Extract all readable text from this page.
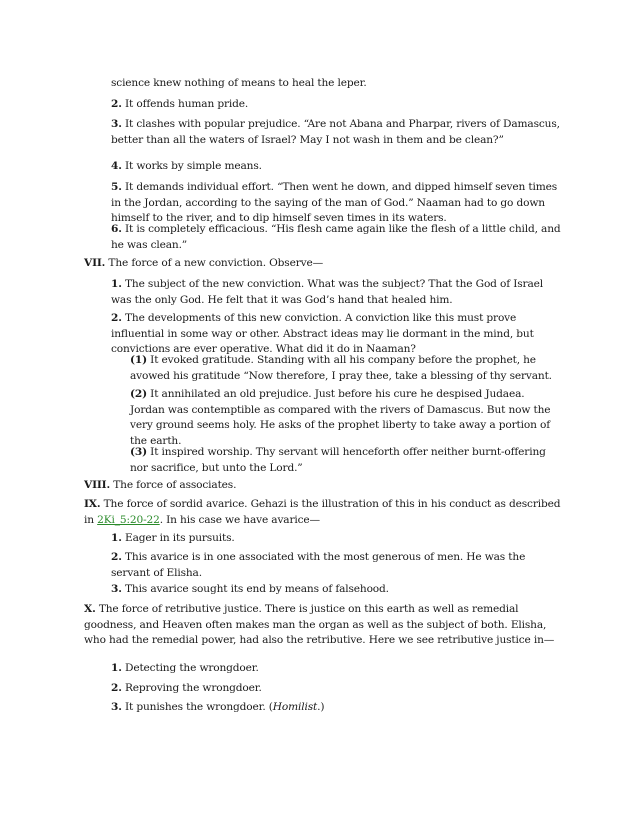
science knew nothing of means to heal the leper.

2. It offends human pride.

3. It clashes with popular prejudice. “Are not Abana and Pharpar, rivers of Damascus, better than all the waters of Israel? May I not wash in them and be clean?”

4. It works by simple means.

5. It demands individual effort. “Then went he down, and dipped himself seven times in the Jordan, according to the saying of the man of God.” Naaman had to go down himself to the river, and to dip himself seven times in its waters.

6. It is completely efficacious. “His flesh came again like the flesh of a little child, and he was clean.”

VII. The force of a new conviction. Observe—

1. The subject of the new conviction. What was the subject? That the God of Israel was the only God. He felt that it was God’s hand that healed him.

2. The developments of this new conviction. A conviction like this must prove influential in some way or other. Abstract ideas may lie dormant in the mind, but convictions are ever operative. What did it do in Naaman?

(1) It evoked gratitude. Standing with all his company before the prophet, he avowed his gratitude “Now therefore, I pray thee, take a blessing of thy servant.

(2) It annihilated an old prejudice. Just before his cure he despised Judaea. Jordan was contemptible as compared with the rivers of Damascus. But now the very ground seems holy. He asks of the prophet liberty to take away a portion of the earth.

(3) It inspired worship. Thy servant will henceforth offer neither burnt-offering nor sacrifice, but unto the Lord.”

VIII. The force of associates.

IX. The force of sordid avarice. Gehazi is the illustration of this in his conduct as described in 2Ki_5:20-22. In his case we have avarice—

1. Eager in its pursuits.

2. This avarice is in one associated with the most generous of men. He was the servant of Elisha.

3. This avarice sought its end by means of falsehood.

X. The force of retributive justice. There is justice on this earth as well as remedial goodness, and Heaven often makes man the organ as well as the subject of both. Elisha, who had the remedial power, had also the retributive. Here we see retributive justice in—

1. Detecting the wrongdoer.

2. Reproving the wrongdoer.

3. It punishes the wrongdoer. (Homilist.)
